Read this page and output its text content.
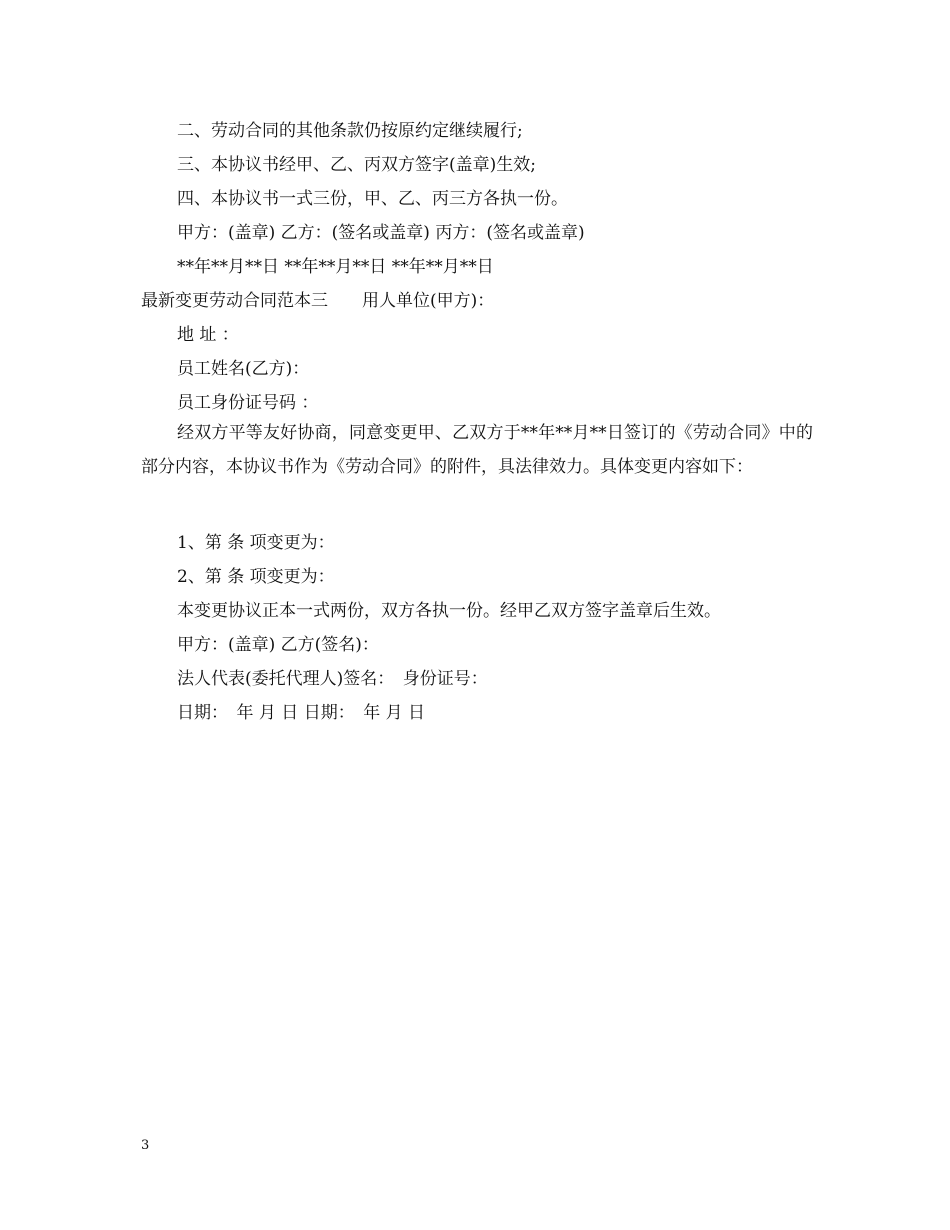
二、劳动合同的其他条款仍按原约定继续履行;
三、本协议书经甲、乙、丙双方签字(盖章)生效;
四、本协议书一式三份，甲、乙、丙三方各执一份。
甲方：(盖章) 乙方：(签名或盖章) 丙方：(签名或盖章)
**年**月**日 **年**月**日 **年**月**日
最新变更劳动合同范本三　　用人单位(甲方)：
地 址 ：
员工姓名(乙方)：
员工身份证号码 ：
经双方平等友好协商，同意变更甲、乙双方于**年**月**日签订的《劳动合同》中的部分内容，本协议书作为《劳动合同》的附件，具法律效力。具体变更内容如下：
1、第 条 项变更为：
2、第 条 项变更为：
本变更协议正本一式两份，双方各执一份。经甲乙双方签字盖章后生效。
甲方：(盖章) 乙方(签名)：
法人代表(委托代理人)签名：　身份证号：
日期：　年 月 日 日期：　年 月 日
3
